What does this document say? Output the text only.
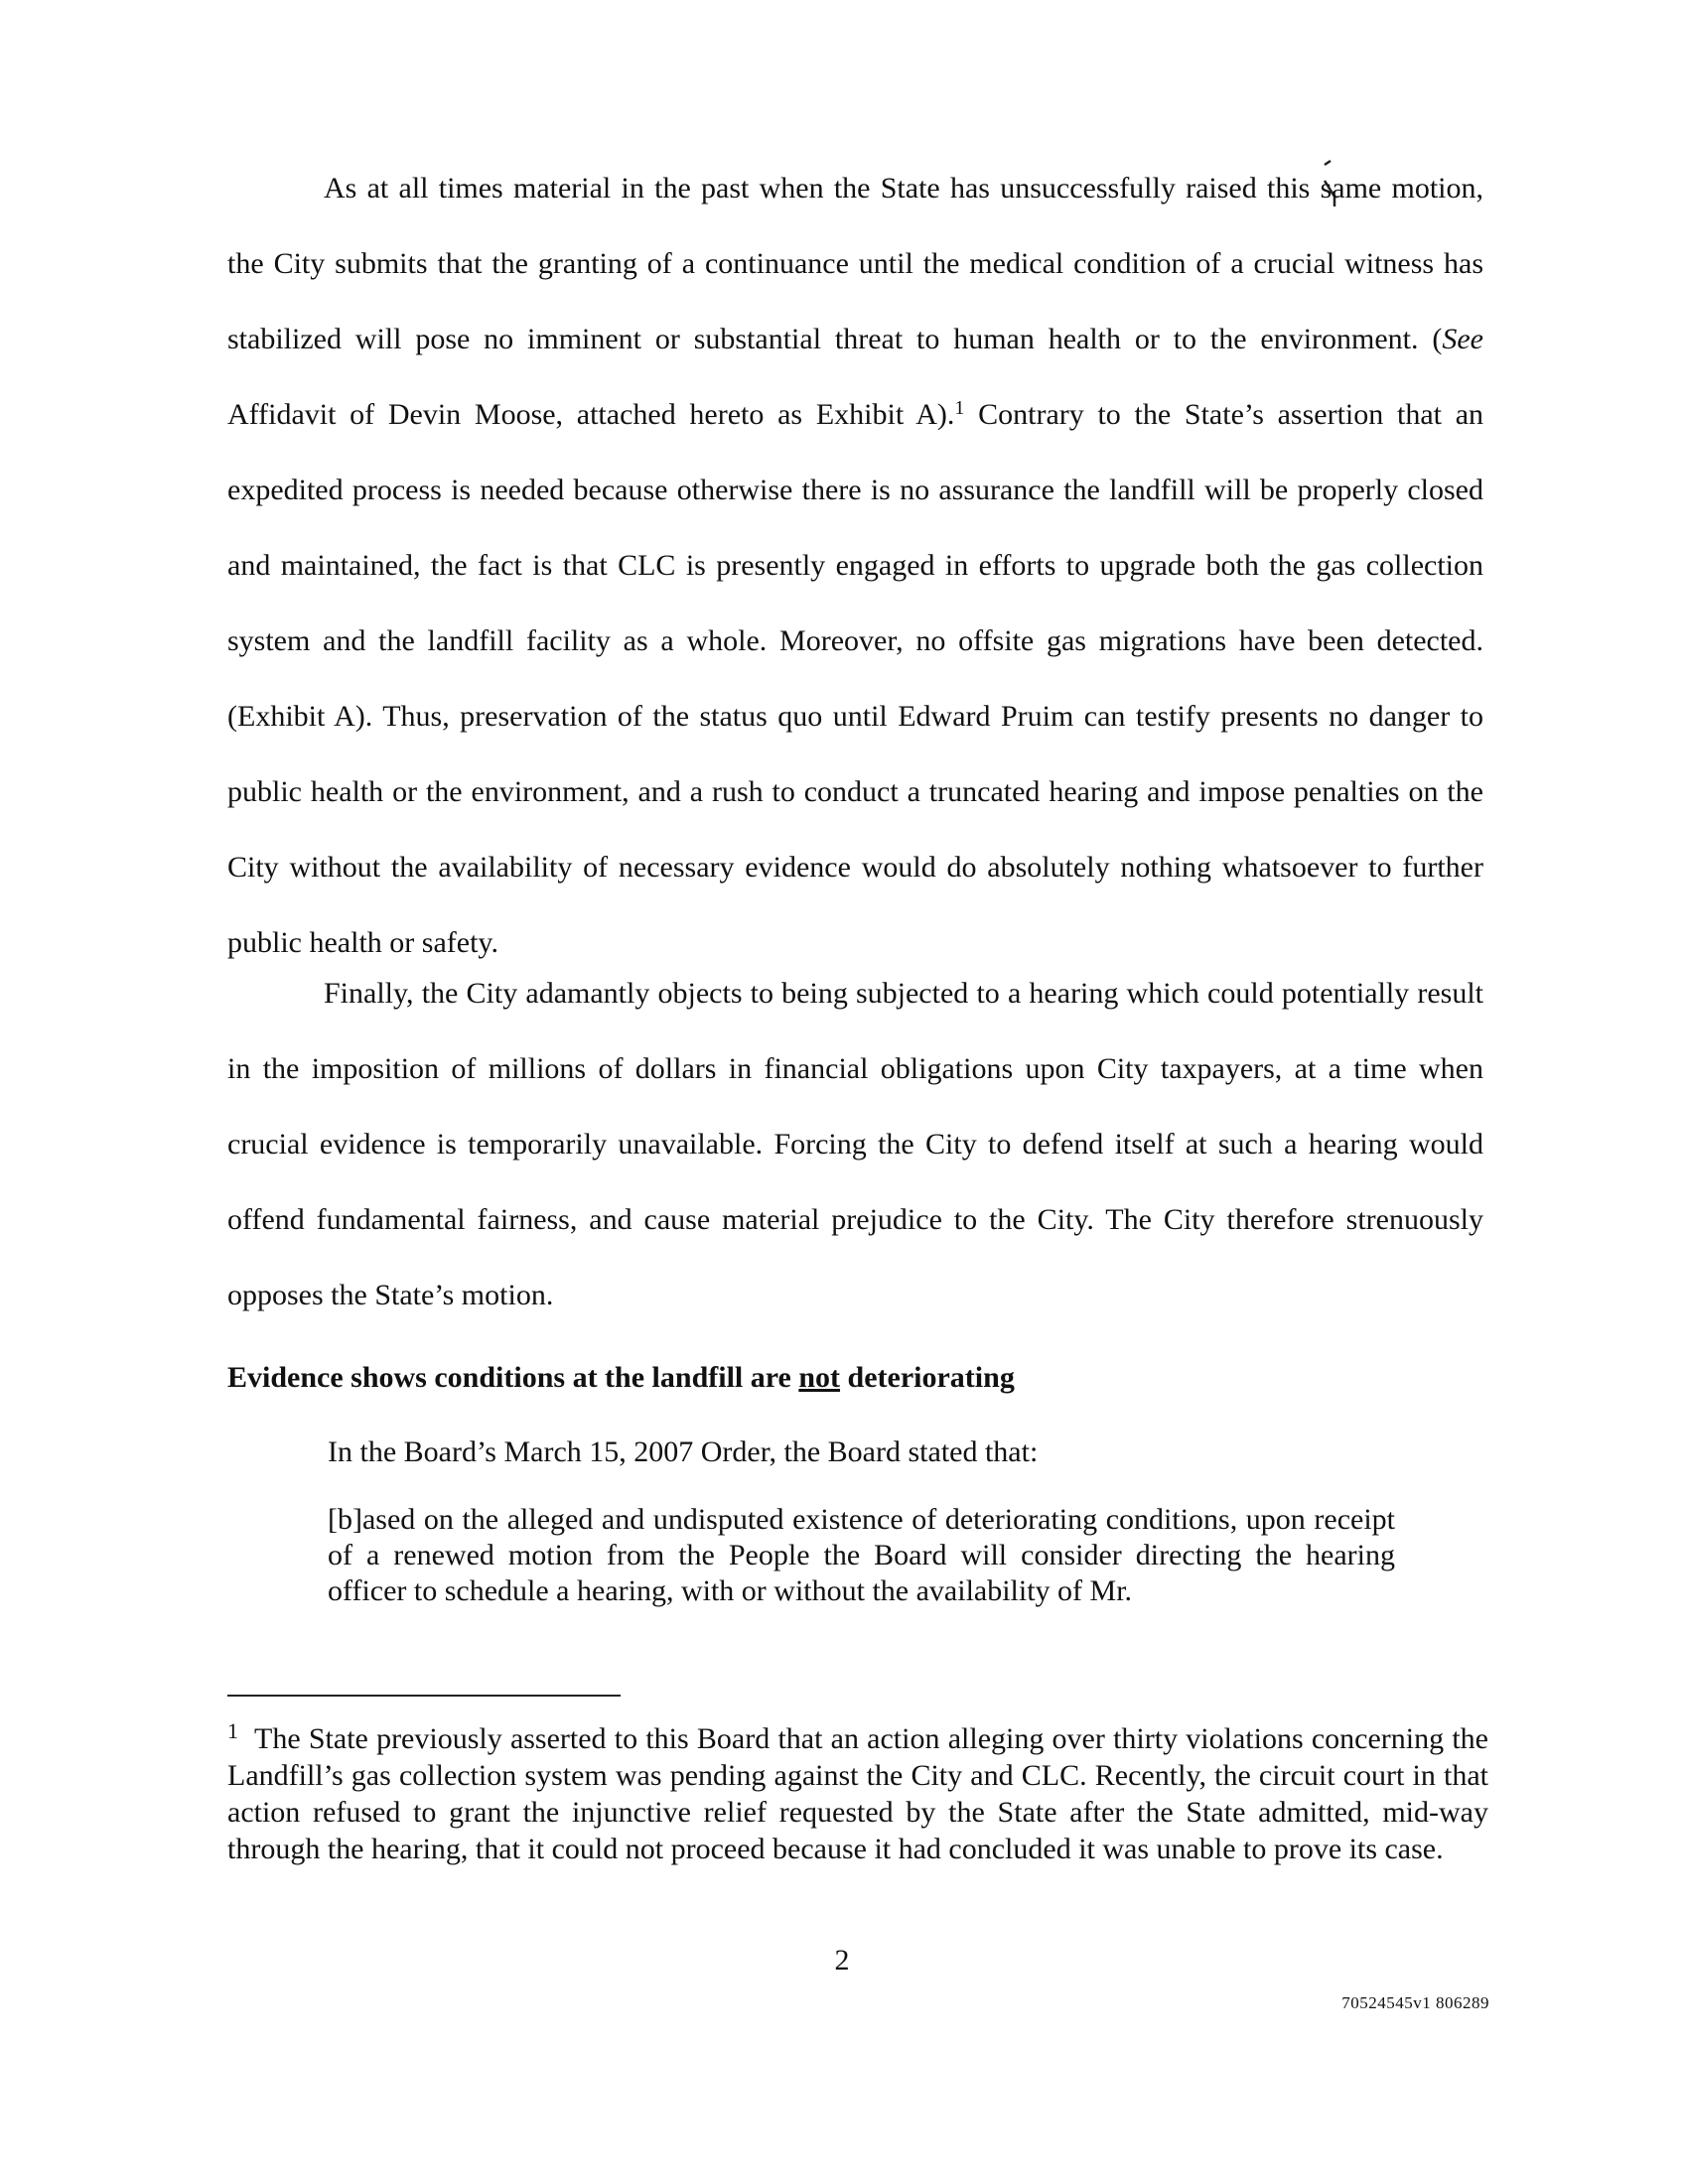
As at all times material in the past when the State has unsuccessfully raised this same motion, the City submits that the granting of a continuance until the medical condition of a crucial witness has stabilized will pose no imminent or substantial threat to human health or to the environment. (See Affidavit of Devin Moose, attached hereto as Exhibit A).$^1$ Contrary to the State’s assertion that an expedited process is needed because otherwise there is no assurance the landfill will be properly closed and maintained, the fact is that CLC is presently engaged in efforts to upgrade both the gas collection system and the landfill facility as a whole. Moreover, no offsite gas migrations have been detected. (Exhibit A). Thus, preservation of the status quo until Edward Pruim can testify presents no danger to public health or the environment, and a rush to conduct a truncated hearing and impose penalties on the City without the availability of necessary evidence would do absolutely nothing whatsoever to further public health or safety.

Finally, the City adamantly objects to being subjected to a hearing which could potentially result in the imposition of millions of dollars in financial obligations upon City taxpayers, at a time when crucial evidence is temporarily unavailable. Forcing the City to defend itself at such a hearing would offend fundamental fairness, and cause material prejudice to the City. The City therefore strenuously opposes the State’s motion.

Evidence shows conditions at the landfill are not deteriorating

In the Board’s March 15, 2007 Order, the Board stated that:

[b]ased on the alleged and undisputed existence of deteriorating conditions, upon receipt of a renewed motion from the People the Board will consider directing the hearing officer to schedule a hearing, with or without the availability of Mr.

$^1$ The State previously asserted to this Board that an action alleging over thirty violations concerning the Landfill’s gas collection system was pending against the City and CLC. Recently, the circuit court in that action refused to grant the injunctive relief requested by the State after the State admitted, mid-way through the hearing, that it could not proceed because it had concluded it was unable to prove its case.

2

70524545v1 806289
